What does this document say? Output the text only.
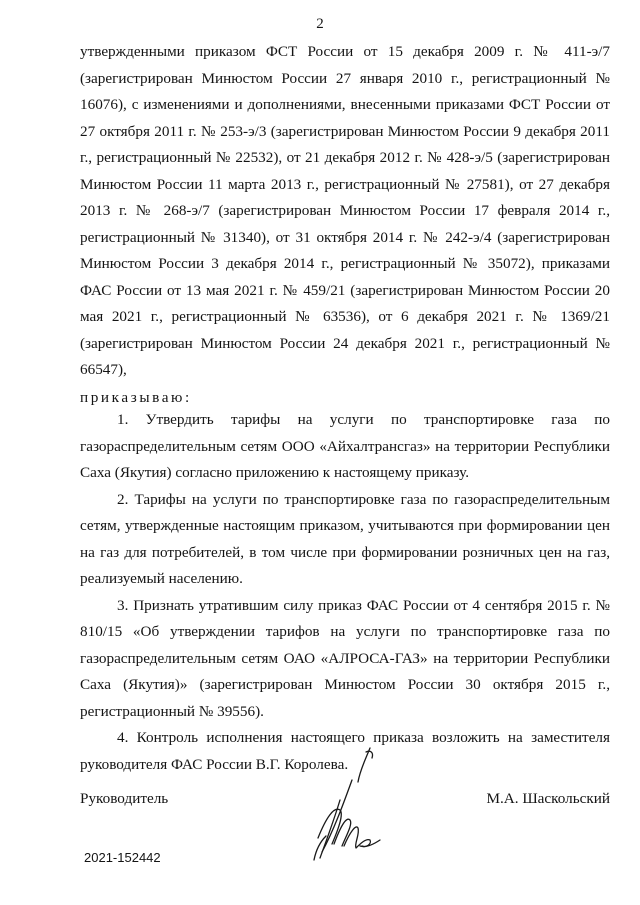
2
утвержденными приказом ФСТ России от 15 декабря 2009 г. № 411-э/7 (зарегистрирован Минюстом России 27 января 2010 г., регистрационный № 16076), с изменениями и дополнениями, внесенными приказами ФСТ России от 27 октября 2011 г. № 253-э/3 (зарегистрирован Минюстом России 9 декабря 2011 г., регистрационный № 22532), от 21 декабря 2012 г. № 428-э/5 (зарегистрирован Минюстом России 11 марта 2013 г., регистрационный № 27581), от 27 декабря 2013 г. № 268-э/7 (зарегистрирован Минюстом России 17 февраля 2014 г., регистрационный № 31340), от 31 октября 2014 г. № 242-э/4 (зарегистрирован Минюстом России 3 декабря 2014 г., регистрационный № 35072), приказами ФАС России от 13 мая 2021 г. № 459/21 (зарегистрирован Минюстом России 20 мая 2021 г., регистрационный № 63536), от 6 декабря 2021 г. № 1369/21 (зарегистрирован Минюстом России 24 декабря 2021 г., регистрационный № 66547),
приказываю:

1. Утвердить тарифы на услуги по транспортировке газа по газораспределительным сетям ООО «Айхалтрансгаз» на территории Республики Саха (Якутия) согласно приложению к настоящему приказу.

2. Тарифы на услуги по транспортировке газа по газораспределительным сетям, утвержденные настоящим приказом, учитываются при формировании цен на газ для потребителей, в том числе при формировании розничных цен на газ, реализуемый населению.

3. Признать утратившим силу приказ ФАС России от 4 сентября 2015 г. № 810/15 «Об утверждении тарифов на услуги по транспортировке газа по газораспределительным сетям ОАО «АЛРОСА-ГАЗ» на территории Республики Саха (Якутия)» (зарегистрирован Минюстом России 30 октября 2015 г., регистрационный № 39556).

4. Контроль исполнения настоящего приказа возложить на заместителя руководителя ФАС России В.Г. Королева.

Руководитель	М.А. Шаскольский
2021-152442
